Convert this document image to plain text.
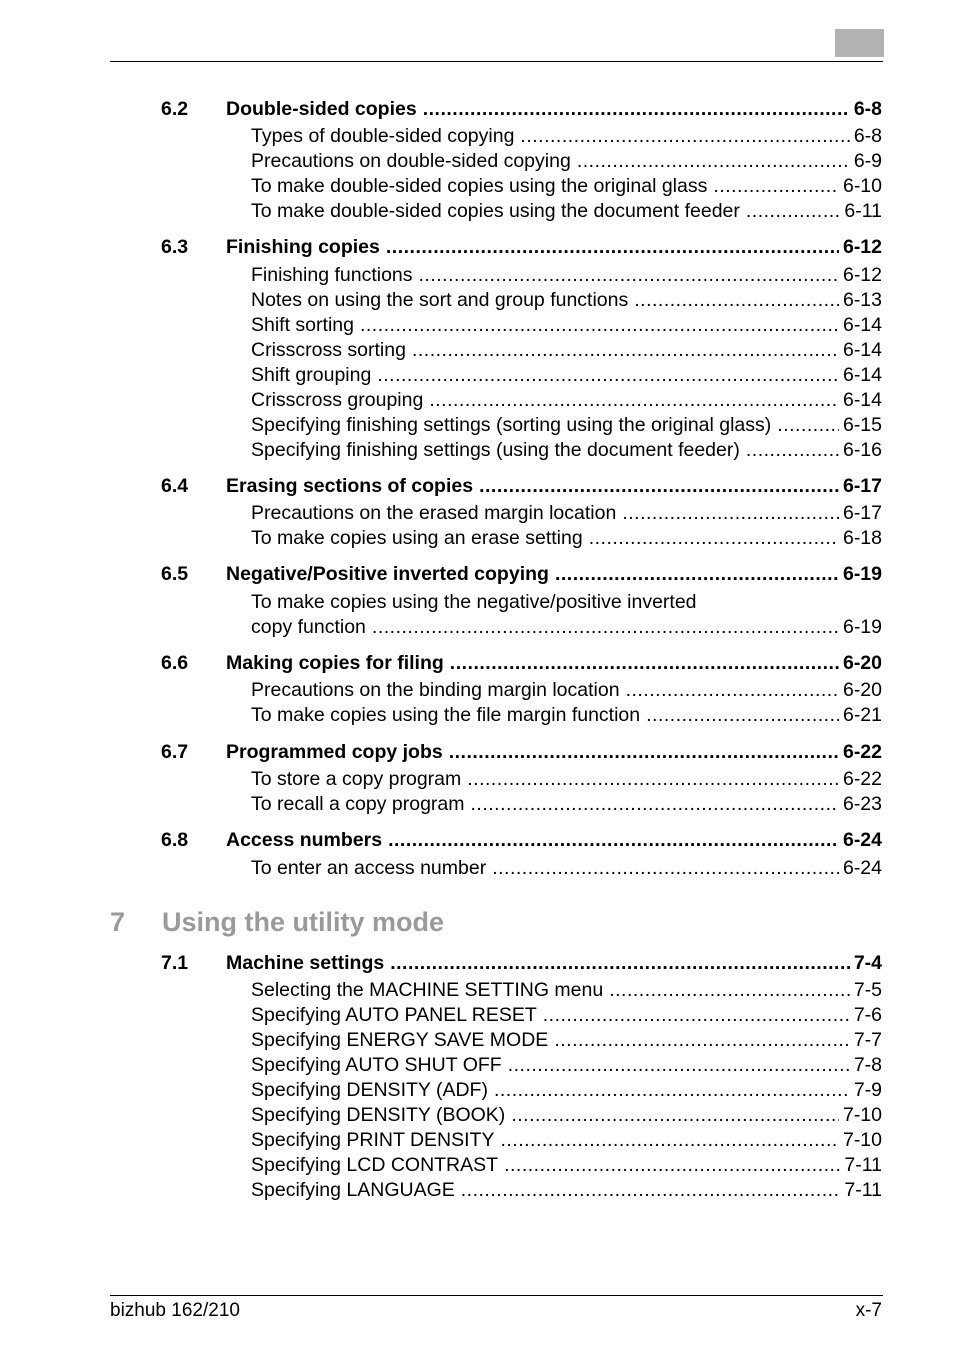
6.2 Double-sided copies .....	6-8
Types of double-sided copying .....	6-8
Precautions on double-sided copying .....	6-9
To make double-sided copies using the original glass .....	6-10
To make double-sided copies using the document feeder .....	6-11
6.3 Finishing copies .....	6-12
Finishing functions .....	6-12
Notes on using the sort and group functions .....	6-13
Shift sorting .....	6-14
Crisscross sorting .....	6-14
Shift grouping .....	6-14
Crisscross grouping .....	6-14
Specifying finishing settings (sorting using the original glass) .....	6-15
Specifying finishing settings (using the document feeder) .....	6-16
6.4 Erasing sections of copies .....	6-17
Precautions on the erased margin location .....	6-17
To make copies using an erase setting .....	6-18
6.5 Negative/Positive inverted copying .....	6-19
To make copies using the negative/positive inverted
copy function .....	6-19
6.6 Making copies for filing .....	6-20
Precautions on the binding margin location .....	6-20
To make copies using the file margin function .....	6-21
6.7 Programmed copy jobs .....	6-22
To store a copy program .....	6-22
To recall a copy program .....	6-23
6.8 Access numbers .....	6-24
To enter an access number .....	6-24
7.1 Machine settings .....	7-4
Selecting the MACHINE SETTING menu .....	7-5
Specifying AUTO PANEL RESET .....	7-6
Specifying ENERGY SAVE MODE .....	7-7
Specifying AUTO SHUT OFF .....	7-8
Specifying DENSITY (ADF) .....	7-9
Specifying DENSITY (BOOK) .....	7-10
Specifying PRINT DENSITY .....	7-10
Specifying LCD CONTRAST .....	7-11
Specifying LANGUAGE .....	7-11
7 Using the utility mode
bizhub 162/210	x-7
